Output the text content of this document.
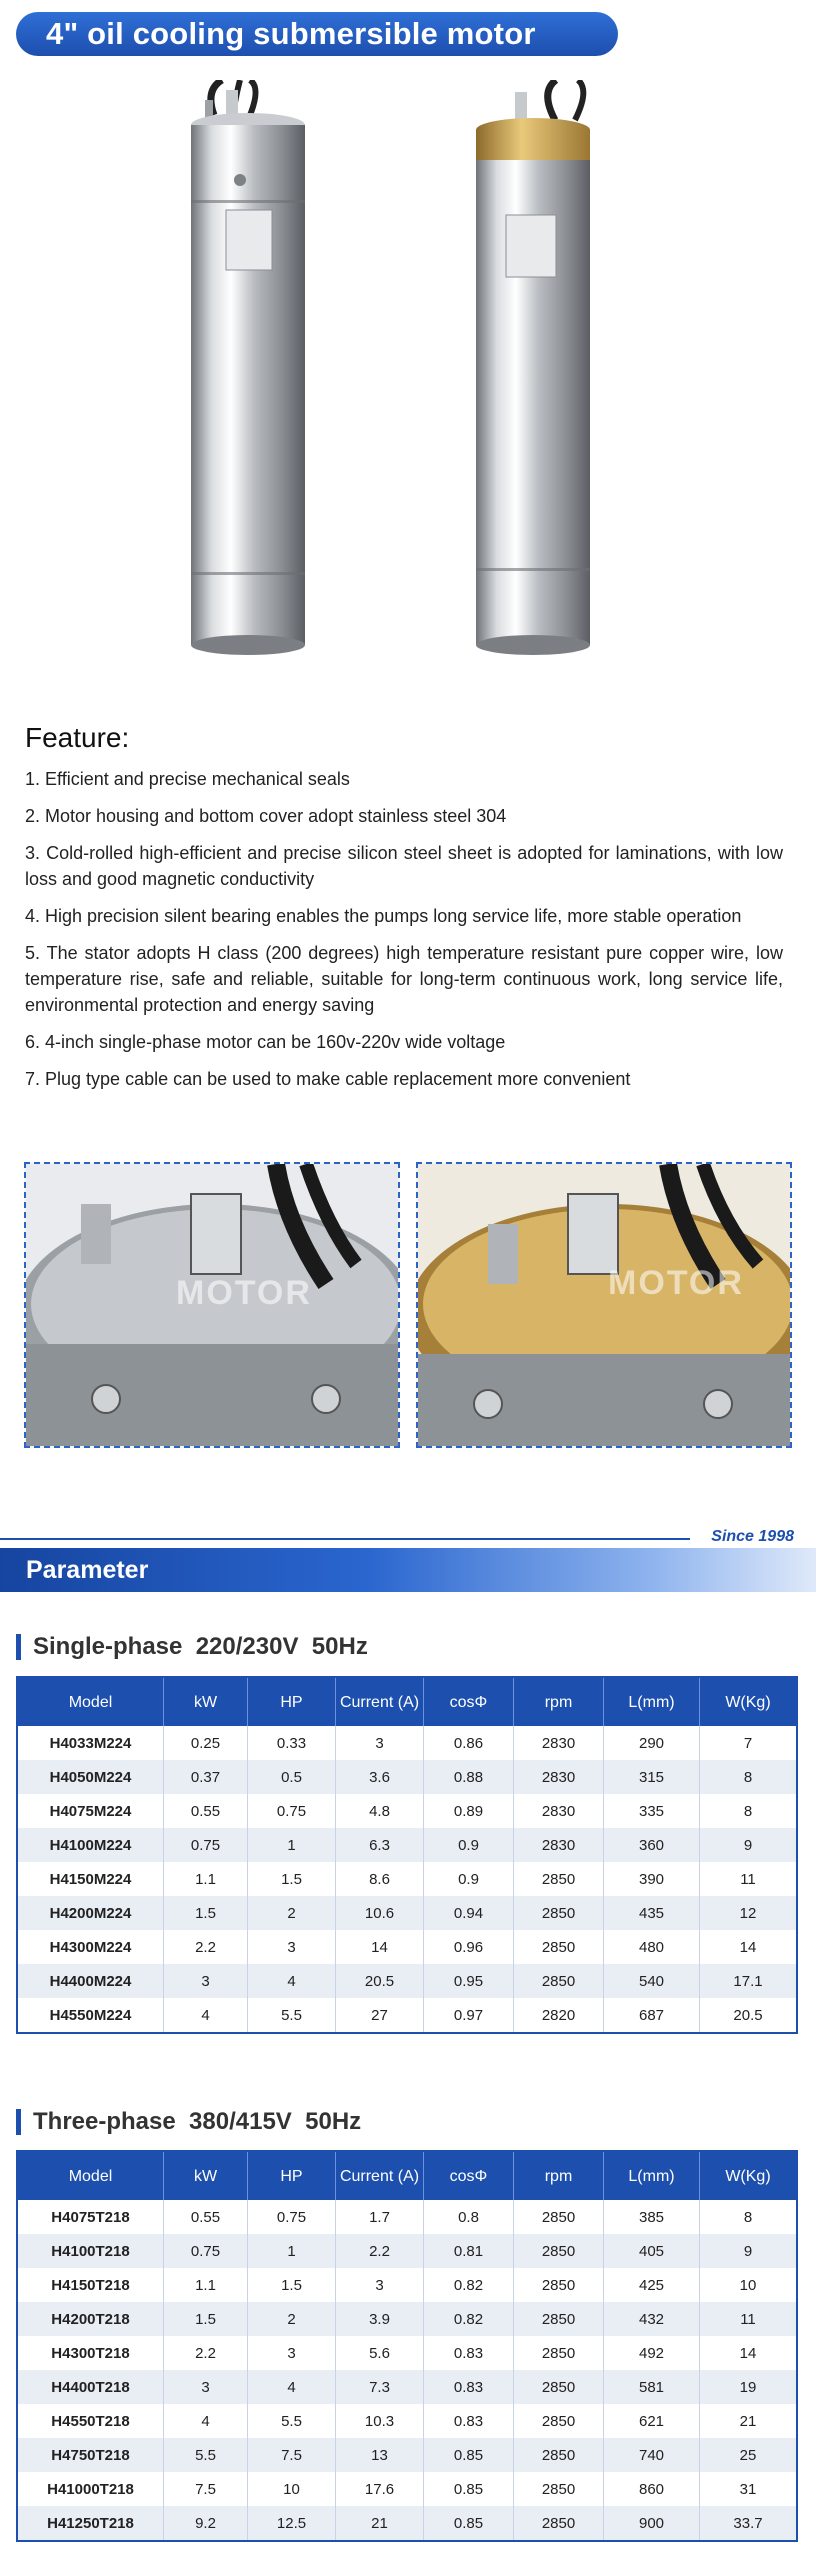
4" oil cooling submersible motor
Feature:
1. Efficient and precise mechanical seals
2. Motor housing and bottom cover adopt stainless steel 304
3. Cold-rolled high-efficient and precise silicon steel sheet is adopted for laminations, with low loss and good magnetic conductivity
4. High precision silent bearing enables the pumps long service life, more stable operation
5. The stator adopts H class (200 degrees) high temperature resistant pure copper wire, low temperature rise, safe and reliable, suitable for long-term continuous work, long service life, environmental protection and energy saving
6. 4-inch single-phase motor can be 160v-220v wide voltage
7. Plug type cable can be used to make cable replacement more convenient
MOTOR	MOTOR
Since 1998
Parameter
Single-phase  220/230V  50Hz
Model	kW	HP	Current (A)	cosΦ	rpm	L(mm)	W(Kg)
H4033M224	0.25	0.33	3	0.86	2830	290	7
H4050M224	0.37	0.5	3.6	0.88	2830	315	8
H4075M224	0.55	0.75	4.8	0.89	2830	335	8
H4100M224	0.75	1	6.3	0.9	2830	360	9
H4150M224	1.1	1.5	8.6	0.9	2850	390	11
H4200M224	1.5	2	10.6	0.94	2850	435	12
H4300M224	2.2	3	14	0.96	2850	480	14
H4400M224	3	4	20.5	0.95	2850	540	17.1
H4550M224	4	5.5	27	0.97	2820	687	20.5
Three-phase  380/415V  50Hz
Model	kW	HP	Current (A)	cosΦ	rpm	L(mm)	W(Kg)
H4075T218	0.55	0.75	1.7	0.8	2850	385	8
H4100T218	0.75	1	2.2	0.81	2850	405	9
H4150T218	1.1	1.5	3	0.82	2850	425	10
H4200T218	1.5	2	3.9	0.82	2850	432	11
H4300T218	2.2	3	5.6	0.83	2850	492	14
H4400T218	3	4	7.3	0.83	2850	581	19
H4550T218	4	5.5	10.3	0.83	2850	621	21
H4750T218	5.5	7.5	13	0.85	2850	740	25
H41000T218	7.5	10	17.6	0.85	2850	860	31
H41250T218	9.2	12.5	21	0.85	2850	900	33.7
